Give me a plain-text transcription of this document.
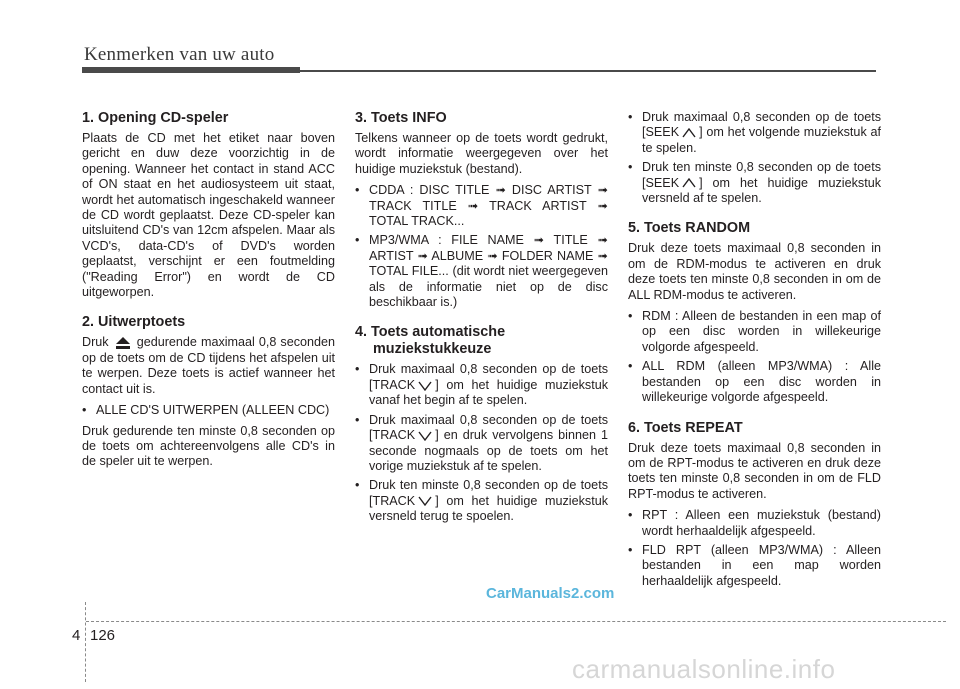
Kenmerken van uw auto
1. Opening CD-speler

Plaats de CD met het etiket naar boven gericht en duw deze voorzichtig in de opening. Wanneer het contact in stand ACC of ON staat en het audiosysteem uit staat, wordt het automatisch ingeschakeld wanneer de CD wordt geplaatst. Deze CD-speler kan uitsluitend CD's van 12cm afspelen. Maar als VCD's, data-CD's of DVD's worden geplaatst, verschijnt er een foutmelding ("Reading Error") en wordt de CD uitgeworpen.

2. Uitwerptoets

Druk gedurende maximaal 0,8 seconden op de toets om de CD tijdens het afspelen uit te werpen. Deze toets is actief wanneer het contact uit is.

• ALLE CD'S UITWERPEN (ALLEEN CDC)

Druk gedurende ten minste 0,8 seconden op de toets om achtereenvolgens alle CD's in de speler uit te werpen.

3. Toets INFO

Telkens wanneer op de toets wordt gedrukt, wordt informatie weergegeven over het huidige muziekstuk (bestand).

• CDDA : DISC TITLE ➟ DISC ARTIST ➟ TRACK TITLE ➟ TRACK ARTIST ➟ TOTAL TRACK...
• MP3/WMA : FILE NAME ➟ TITLE ➟ ARTIST ➟ ALBUME ➟ FOLDER NAME ➟ TOTAL FILE... (dit wordt niet weergegeven als de informatie niet op de disc beschikbaar is.)
4. Toets automatische
muziekstukkeuze
• Druk maximaal 0,8 seconden op de toets [TRACK ] om het huidige muziekstuk vanaf het begin af te spelen.
• Druk maximaal 0,8 seconden op de toets [TRACK ] en druk vervolgens binnen 1 seconde nogmaals op de toets om het vorige muziekstuk af te spelen.
• Druk ten minste 0,8 seconden op de toets [TRACK ] om het huidige muziekstuk versneld terug te spoelen.
• Druk maximaal 0,8 seconden op de toets [SEEK ] om het volgende muziekstuk af te spelen.
• Druk ten minste 0,8 seconden op de toets [SEEK ] om het huidige muziekstuk versneld af te spelen.
5. Toets RANDOM

Druk deze toets maximaal 0,8 seconden in om de RDM-modus te activeren en druk deze toets ten minste 0,8 seconden in om de ALL RDM-modus te activeren.

• RDM : Alleen de bestanden in een map of op een disc worden in willekeurige volgorde afgespeeld.
• ALL RDM (alleen MP3/WMA) : Alle bestanden op een disc worden in willekeurige volgorde afgespeeld.
6. Toets REPEAT

Druk deze toets maximaal 0,8 seconden in om de RPT-modus te activeren en druk deze toets ten minste 0,8 seconden in om de FLD RPT-modus te activeren.

• RPT : Alleen een muziekstuk (bestand) wordt herhaaldelijk afgespeeld.
• FLD RPT (alleen MP3/WMA) : Alleen bestanden in een map worden herhaaldelijk afgespeeld.
CarManuals2.com
4 126
carmanualsonline.info
